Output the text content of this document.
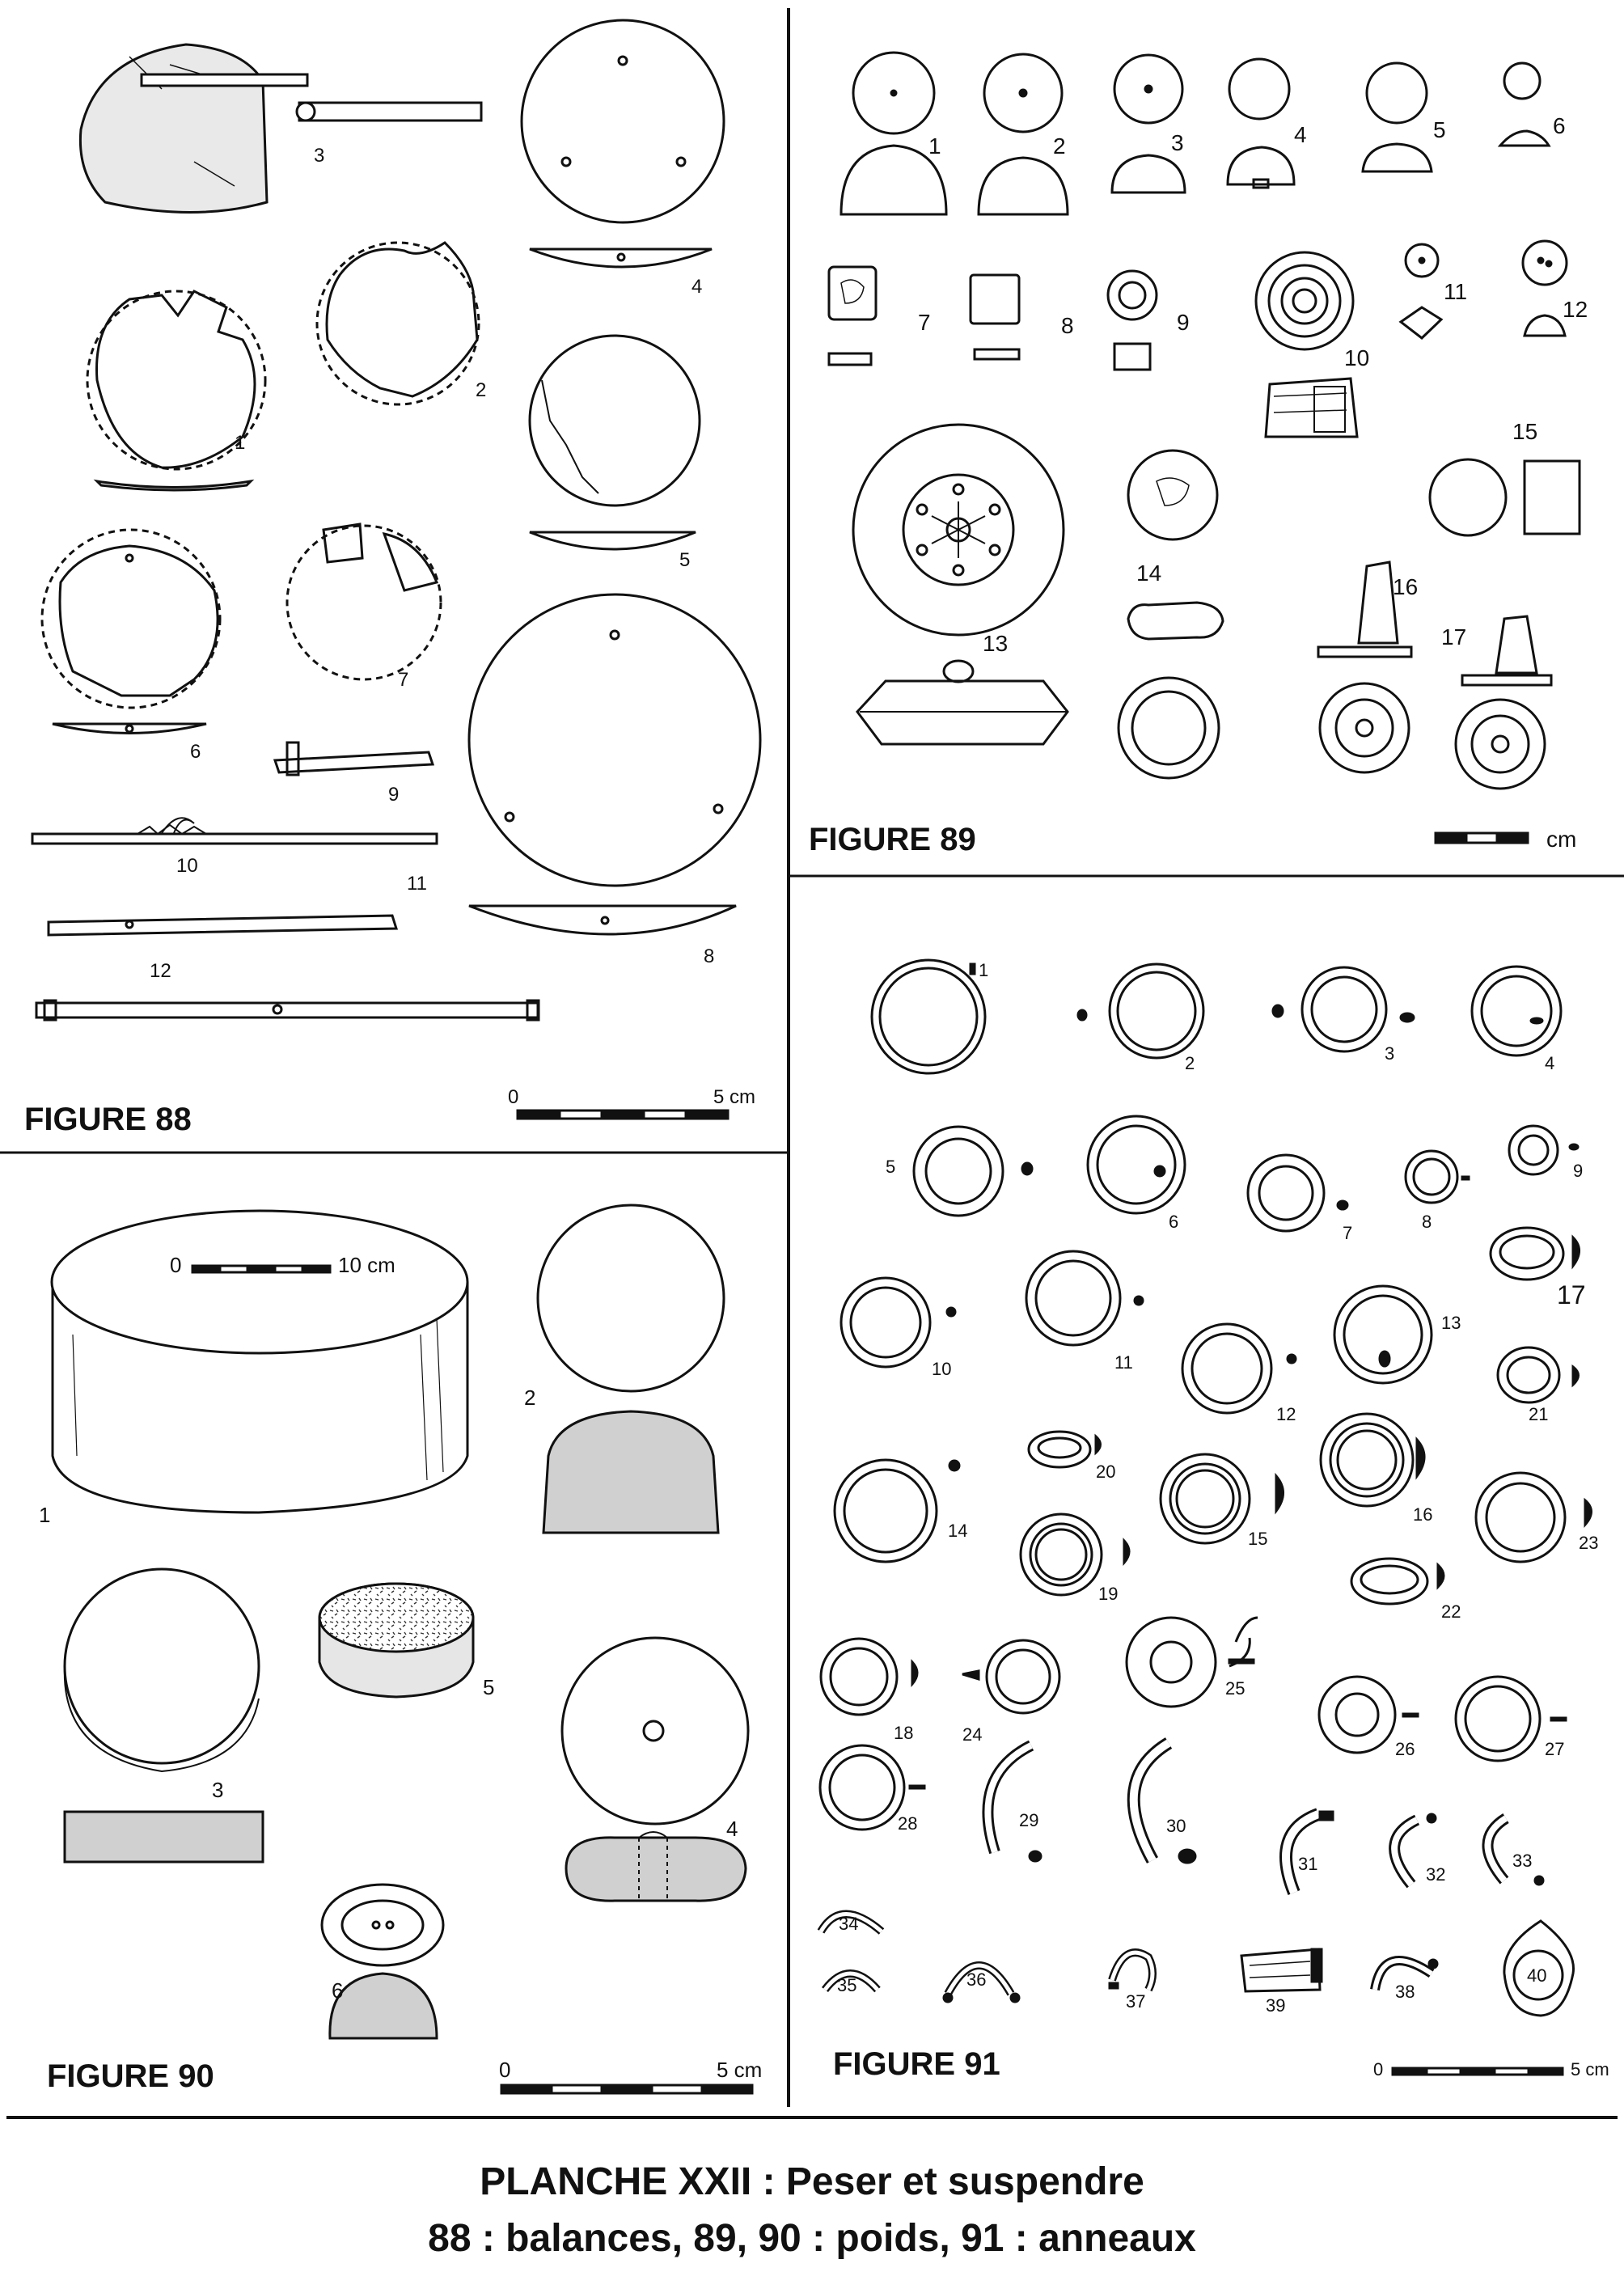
3
4
2
1
5
6
7
8
9
10
11
12
0	5 cm
1	2	3	4	5	6
7	8	9
10
11
12
13
14
15
16
17
cm
1
2
3
4
5
6
0	10 cm
0	5 cm
1
2	3	4
5
6
7
8
9
10	11
12
13
14	15
16
17
18
19
20
21
22
23
24
25
26	27
28	29	30
31
32
33
34
35	36
37	38
39
40
0	5 cm
FIGURE 88
FIGURE 89
FIGURE 90	FIGURE 91
PLANCHE XXII : Peser et suspendre
88 : balances, 89, 90 : poids, 91 : anneaux
